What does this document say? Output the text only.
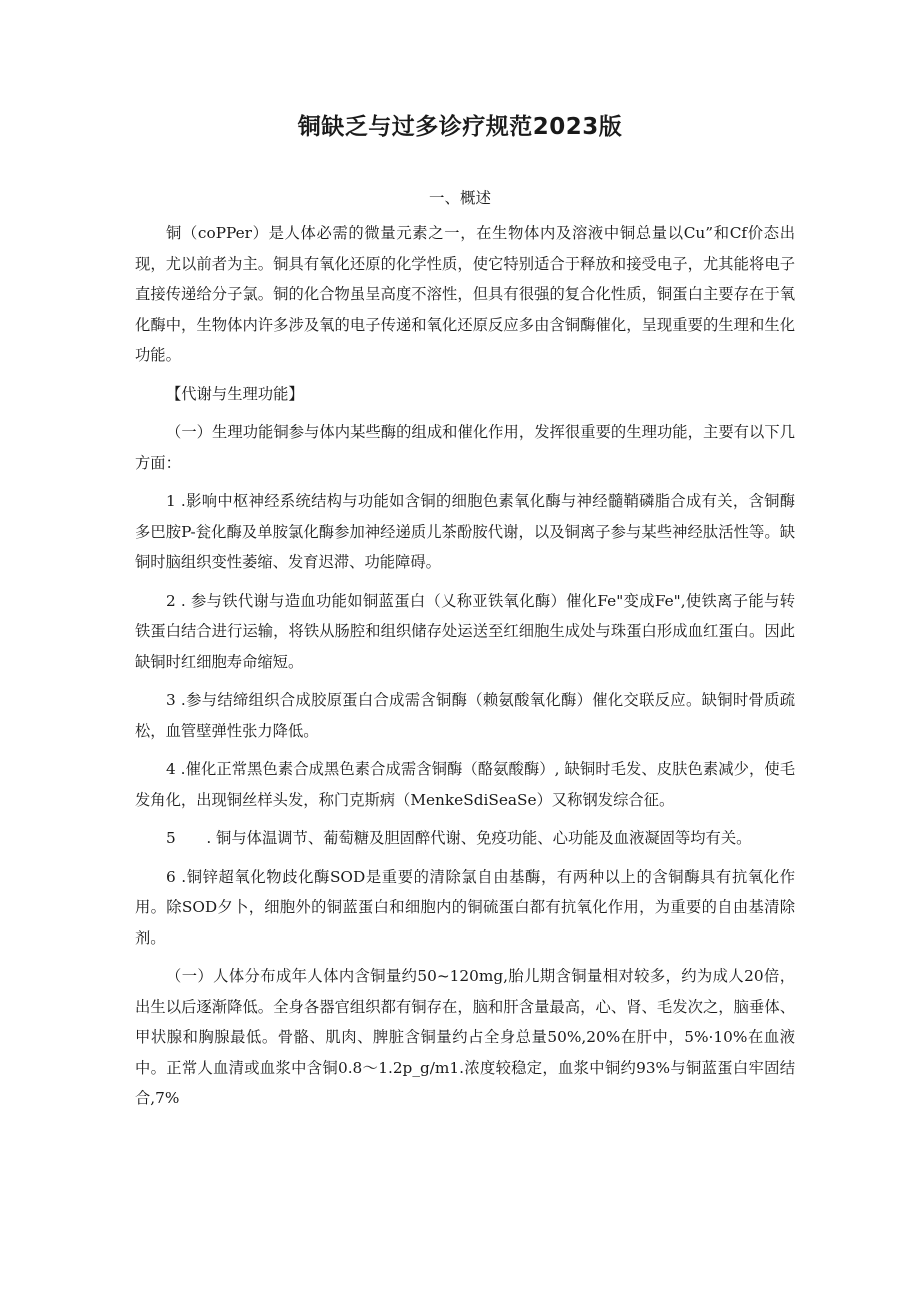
铜缺乏与过多诊疗规范2023版
一、概述

铜（coPPer）是人体必需的微量元素之一，在生物体内及溶液中铜总量以Cu”和Cf价态出现，尤以前者为主。铜具有氧化还原的化学性质，使它特别适合于释放和接受电子，尤其能将电子直接传递给分子氯。铜的化合物虽呈高度不溶性，但具有很强的复合化性质，铜蛋白主要存在于氧化酶中，生物体内许多涉及氧的电子传递和氧化还原反应多由含铜酶催化，呈现重要的生理和生化功能。

【代谢与生理功能】

（一）生理功能铜参与体内某些酶的组成和催化作用，发挥很重要的生理功能，主要有以下几方面：

1 .影响中枢神经系统结构与功能如含铜的细胞色素氧化酶与神经髓鞘磷脂合成有关，含铜酶多巴胺P-瓮化酶及单胺氯化酶参加神经递质儿茶酚胺代谢，以及铜离子参与某些神经肽活性等。缺铜时脑组织变性萎缩、发育迟滞、功能障碍。

2 . 参与铁代谢与造血功能如铜蓝蛋白（乂称亚铁氧化酶）催化Fe"变成Fe",使铁离子能与转铁蛋白结合进行运输，将铁从肠腔和组织储存处运送至红细胞生成处与珠蛋白形成血红蛋白。因此缺铜时红细胞寿命缩短。

3 .参与结缔组织合成胶原蛋白合成需含铜酶（赖氨酸氧化酶）催化交联反应。缺铜时骨质疏松，血管壁弹性张力降低。

4 .催化正常黑色素合成黑色素合成需含铜酶（酪氨酸酶）, 缺铜时毛发、皮肤色素减少，使毛发角化，出现铜丝样头发，称门克斯病（MenkeSdiSeaSe）又称钢发综合征。

5　　. 铜与体温调节、葡萄糖及胆固醉代谢、免疫功能、心功能及血液凝固等均有关。

6 .铜锌超氧化物歧化酶SOD是重要的清除氯自由基酶，有两种以上的含铜酶具有抗氧化作用。除SOD夕卜，细胞外的铜蓝蛋白和细胞内的铜硫蛋白都有抗氧化作用，为重要的自由基清除剂。

（一）人体分布成年人体内含铜量约50~120mg,胎儿期含铜量相对较多，约为成人20倍，出生以后逐渐降低。全身各器官组织都有铜存在，脑和肝含量最高，心、肾、毛发次之，脑垂体、甲状腺和胸腺最低。骨骼、肌肉、脾脏含铜量约占全身总量50%,20%在肝中，5%·10%在血液中。正常人血清或血浆中含铜0.8～1.2p_g/m1.浓度较稳定，血浆中铜约93%与铜蓝蛋白牢固结合,7%
